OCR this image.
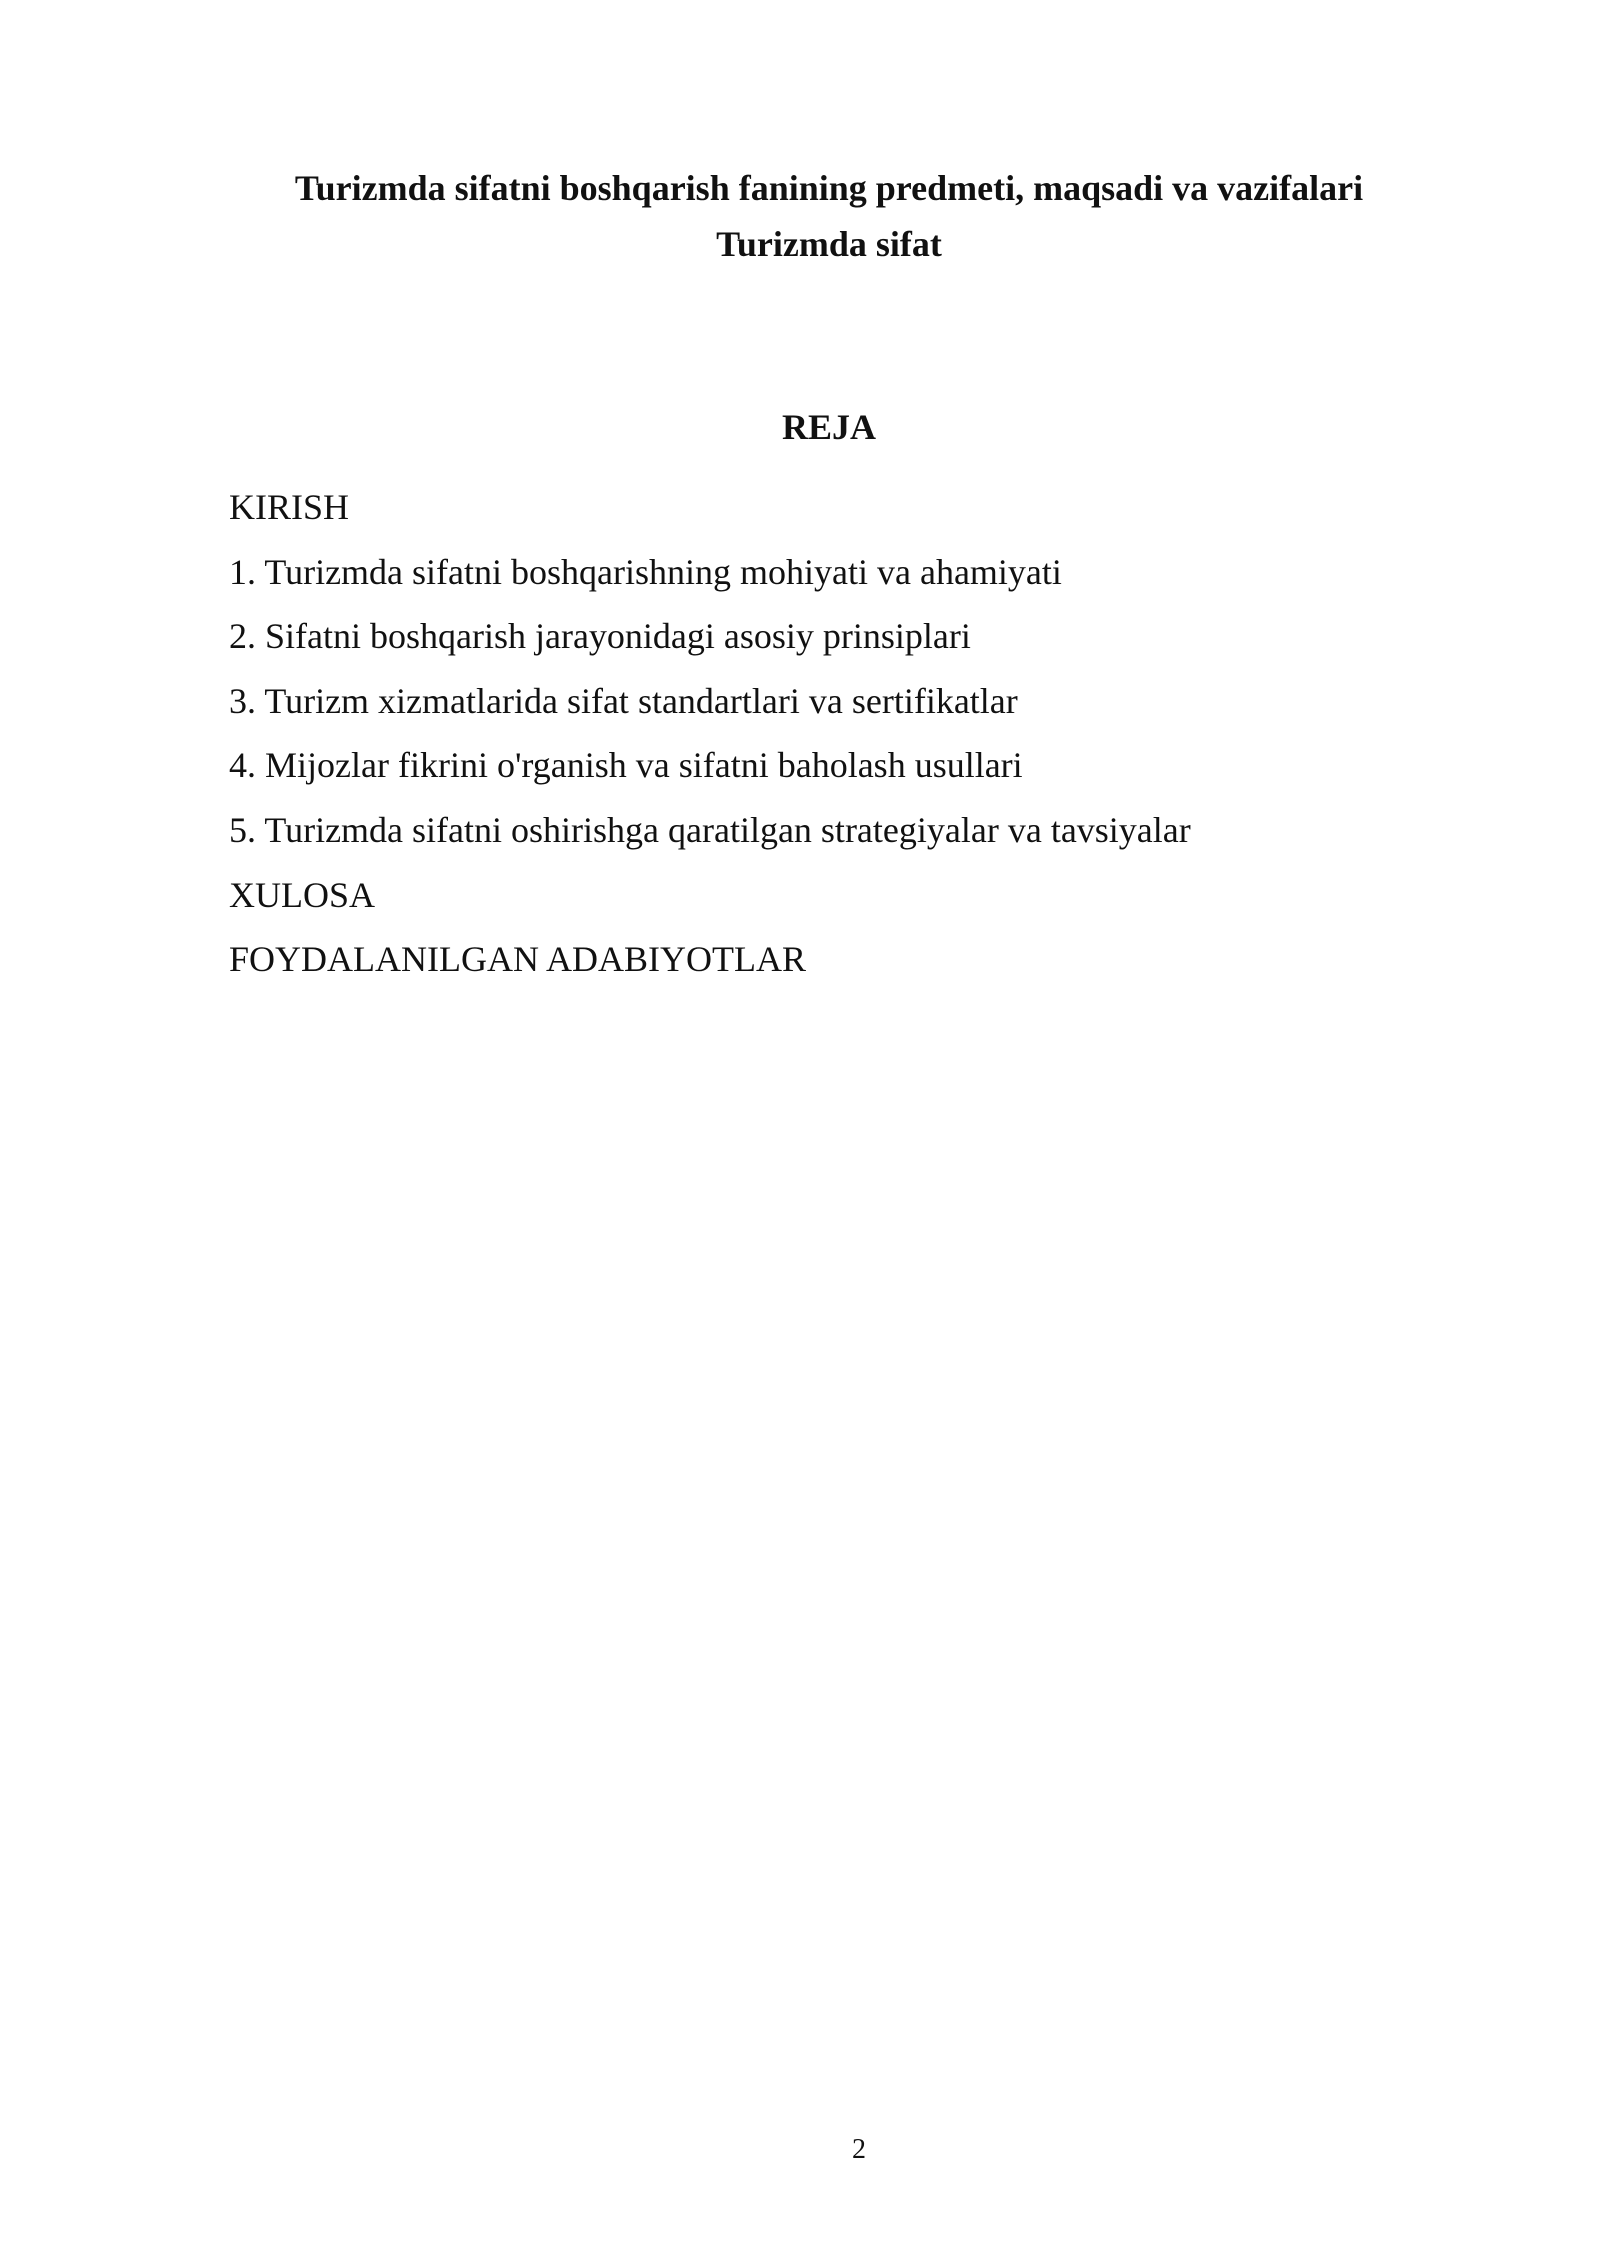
Turizmda sifatni boshqarish fanining predmeti, maqsadi va vazifalari
Turizmda sifat
REJA
KIRISH
1. Turizmda sifatni boshqarishning mohiyati va ahamiyati
2. Sifatni boshqarish jarayonidagi asosiy prinsiplari
3. Turizm xizmatlarida sifat standartlari va sertifikatlar
4. Mijozlar fikrini o'rganish va sifatni baholash usullari
5. Turizmda sifatni oshirishga qaratilgan strategiyalar va tavsiyalar
XULOSA
FOYDALANILGAN ADABIYOTLAR
2
